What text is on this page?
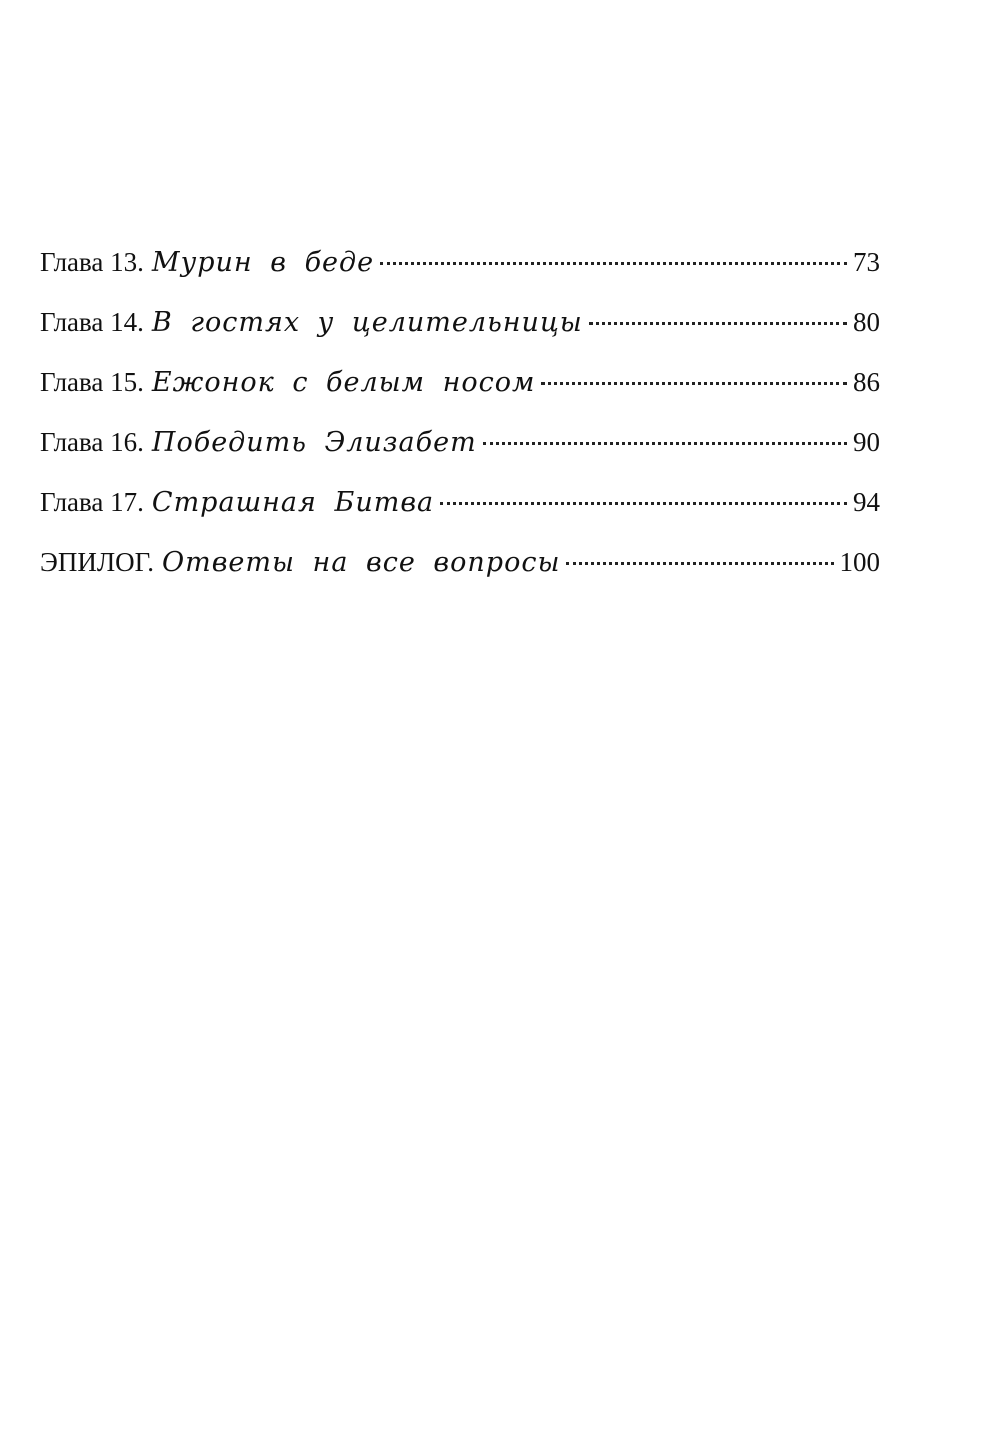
Глава 13. Мурин в беде	73
Глава 14. В гостях у целительницы	80
Глава 15. Ежонок с белым носом	86
Глава 16. Победить Элизабет	90
Глава 17. Страшная Битва	94
ЭПИЛОГ. Ответы на все вопросы	100
